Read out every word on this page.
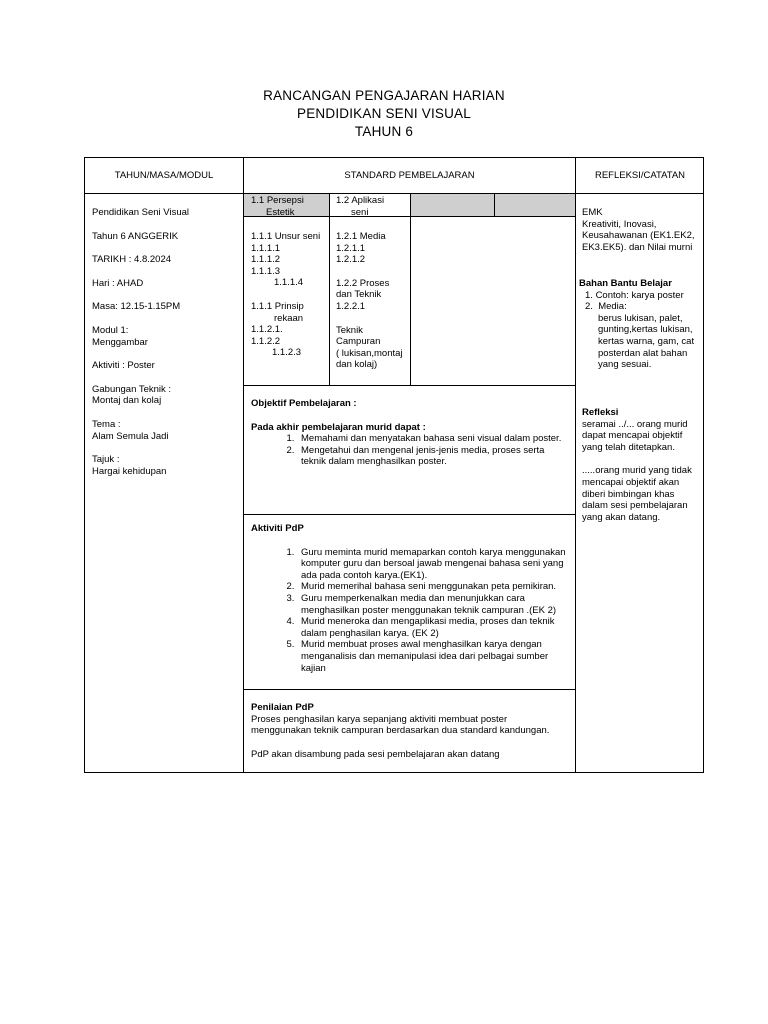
RANCANGAN PENGAJARAN HARIAN
PENDIDIKAN SENI VISUAL
TAHUN 6
TAHUN/MASA/MODUL	STANDARD PEMBELAJARAN	REFLEKSI/CATATAN

Pendidikan Seni Visual

Tahun 6 ANGGERIK

TARIKH : 4.8.2024

Hari : AHAD

Masa: 12.15-1.15PM

Modul 1:

Menggambar

Aktiviti : Poster

Gabungan Teknik :

Montaj dan kolaj

Tema :

Alam Semula Jadi

Tajuk :

Hargai kehidupan

1.1 Persepsi

Estetik

1.2 Aplikasi

seni

1.1.1 Unsur seni

1.1.1.1

1.1.1.2

1.1.1.3

1.1.1.4

1.1.1 Prinsip

rekaan

1.1.2.1.

1.1.2.2

1.1.2.3

1.2.1 Media

1.2.1.1

1.2.1.2

1.2.2 Proses

dan Teknik

1.2.2.1

Teknik

Campuran

( lukisan,montaj

dan kolaj)

Objektif Pembelajaran :

Pada akhir pembelajaran murid dapat :

1. Memahami dan menyatakan bahasa seni visual dalam poster.
2. Mengetahui dan mengenal jenis-jenis media, proses serta teknik dalam menghasilkan poster.

Aktiviti PdP

1. Guru meminta murid memaparkan contoh karya menggunakan komputer guru dan bersoal jawab mengenai bahasa seni yang ada pada contoh karya.(EK1).
2. Murid memerihal bahasa seni menggunakan peta pemikiran.
3. Guru memperkenalkan media dan menunjukkan cara menghasilkan poster menggunakan teknik campuran .(EK 2)
4. Murid meneroka dan mengaplikasi media, proses dan teknik dalam penghasilan karya. (EK 2)
5. Murid membuat proses awal menghasilkan karya dengan menganalisis dan memanipulasi idea dari pelbagai sumber kajian

Penilaian PdP

Proses penghasilan karya sepanjang aktiviti membuat poster menggunakan teknik campuran berdasarkan dua standard kandungan.

PdP akan disambung pada sesi pembelajaran akan datang

EMK

Kreativiti, Inovasi, Keusahawanan (EK1.EK2, EK3.EK5). dan Nilai murni

Bahan Bantu Belajar

1. Contoh: karya poster

2.  Media:

berus lukisan, palet, gunting,kertas lukisan, kertas warna, gam, cat posterdan alat bahan yang sesuai.

Refleksi

seramai ../... orang murid dapat mencapai objektif yang telah ditetapkan.

.....orang murid yang tidak mencapai objektif akan diberi bimbingan khas dalam sesi pembelajaran yang akan datang.
